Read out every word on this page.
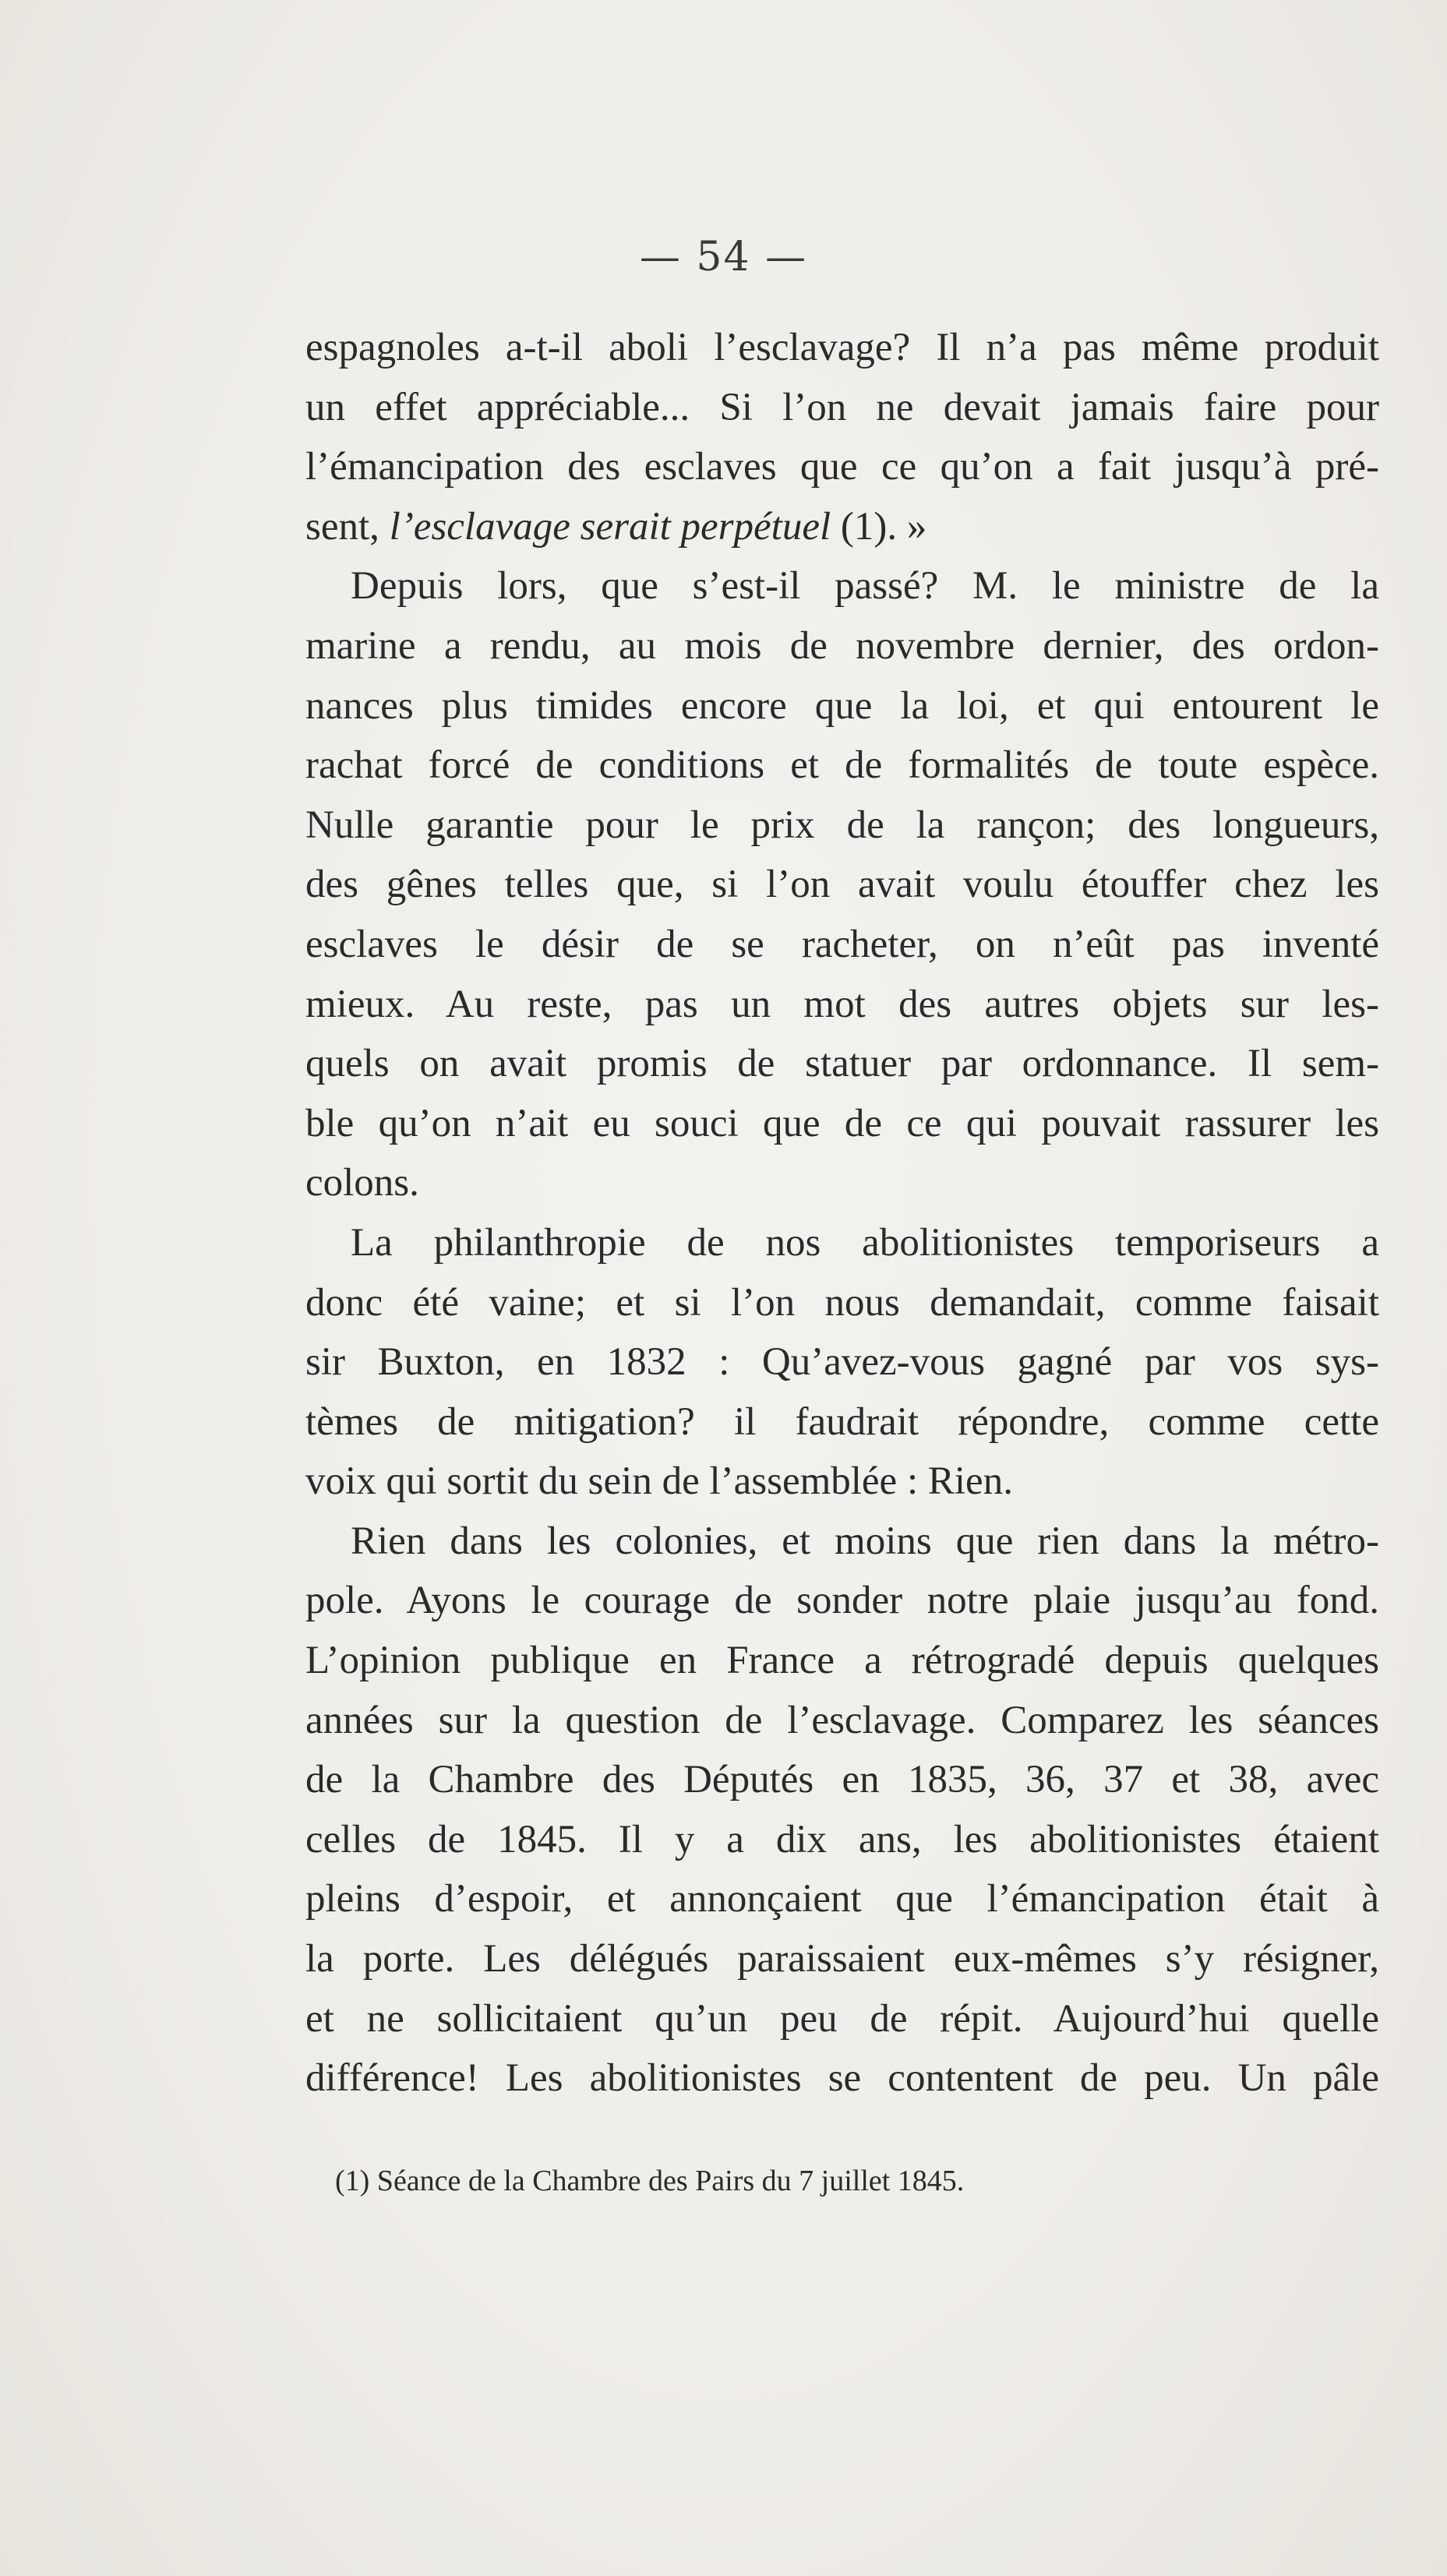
— 54 —
espagnoles a-t-il aboli l’esclavage? Il n’a pas même produit
un effet appréciable... Si l’on ne devait jamais faire pour
l’émancipation des esclaves que ce qu’on a fait jusqu’à pré-
sent, l’esclavage serait perpétuel (1). »
Depuis lors, que s’est-il passé? M. le ministre de la
marine a rendu, au mois de novembre dernier, des ordon-
nances plus timides encore que la loi, et qui entourent le
rachat forcé de conditions et de formalités de toute espèce.
Nulle garantie pour le prix de la rançon; des longueurs,
des gênes telles que, si l’on avait voulu étouffer chez les
esclaves le désir de se racheter, on n’eût pas inventé
mieux. Au reste, pas un mot des autres objets sur les-
quels on avait promis de statuer par ordonnance. Il sem-
ble qu’on n’ait eu souci que de ce qui pouvait rassurer les
colons.
La philanthropie de nos abolitionistes temporiseurs a
donc été vaine; et si l’on nous demandait, comme faisait
sir Buxton, en 1832 : Qu’avez-vous gagné par vos sys-
tèmes de mitigation? il faudrait répondre, comme cette
voix qui sortit du sein de l’assemblée : Rien.
Rien dans les colonies, et moins que rien dans la métro-
pole. Ayons le courage de sonder notre plaie jusqu’au fond.
L’opinion publique en France a rétrogradé depuis quelques
années sur la question de l’esclavage. Comparez les séances
de la Chambre des Députés en 1835, 36, 37 et 38, avec
celles de 1845. Il y a dix ans, les abolitionistes étaient
pleins d’espoir, et annonçaient que l’émancipation était à
la porte. Les délégués paraissaient eux-mêmes s’y résigner,
et ne sollicitaient qu’un peu de répit. Aujourd’hui quelle
différence! Les abolitionistes se contentent de peu. Un pâle
(1) Séance de la Chambre des Pairs du 7 juillet 1845.
